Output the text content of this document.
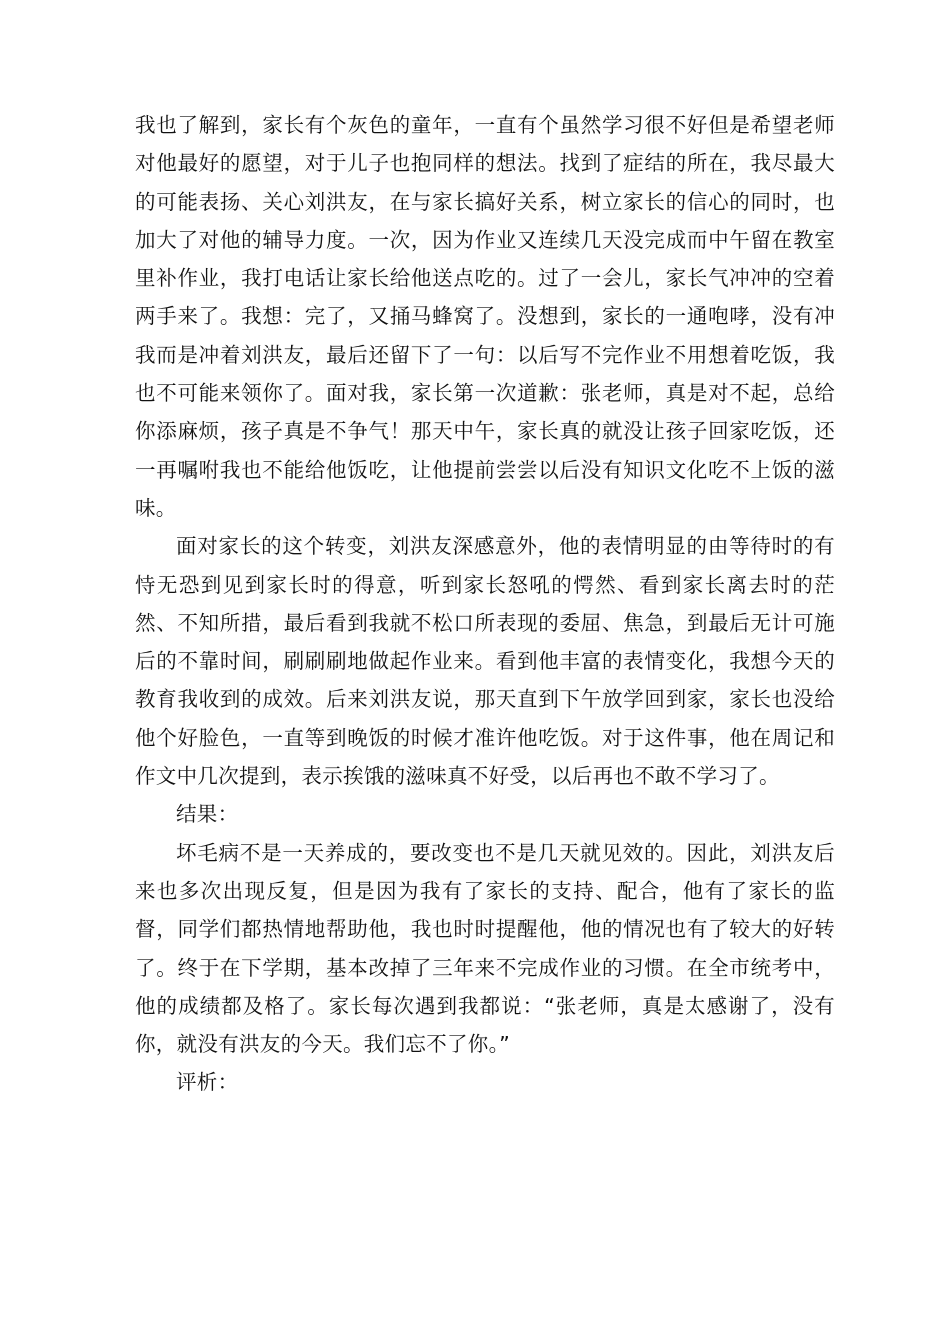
我也了解到，家长有个灰色的童年，一直有个虽然学习很不好但是希望老师对他最好的愿望，对于儿子也抱同样的想法。找到了症结的所在，我尽最大的可能表扬、关心刘洪友，在与家长搞好关系，树立家长的信心的同时，也加大了对他的辅导力度。一次，因为作业又连续几天没完成而中午留在教室里补作业，我打电话让家长给他送点吃的。过了一会儿，家长气冲冲的空着两手来了。我想：完了，又捅马蜂窝了。没想到，家长的一通咆哮，没有冲我而是冲着刘洪友，最后还留下了一句：以后写不完作业不用想着吃饭，我也不可能来领你了。面对我，家长第一次道歉：张老师，真是对不起，总给你添麻烦，孩子真是不争气！那天中午，家长真的就没让孩子回家吃饭，还一再嘱咐我也不能给他饭吃，让他提前尝尝以后没有知识文化吃不上饭的滋味。

面对家长的这个转变，刘洪友深感意外，他的表情明显的由等待时的有恃无恐到见到家长时的得意，听到家长怒吼的愕然、看到家长离去时的茫然、不知所措，最后看到我就不松口所表现的委屈、焦急，到最后无计可施后的不靠时间，刷刷刷地做起作业来。看到他丰富的表情变化，我想今天的教育我收到的成效。后来刘洪友说，那天直到下午放学回到家，家长也没给他个好脸色，一直等到晚饭的时候才准许他吃饭。对于这件事，他在周记和作文中几次提到，表示挨饿的滋味真不好受，以后再也不敢不学习了。

结果：

坏毛病不是一天养成的，要改变也不是几天就见效的。因此，刘洪友后来也多次出现反复，但是因为我有了家长的支持、配合，他有了家长的监督，同学们都热情地帮助他，我也时时提醒他，他的情况也有了较大的好转了。终于在下学期，基本改掉了三年来不完成作业的习惯。在全市统考中，他的成绩都及格了。家长每次遇到我都说：“张老师，真是太感谢了，没有你，就没有洪友的今天。我们忘不了你。”

评析：
